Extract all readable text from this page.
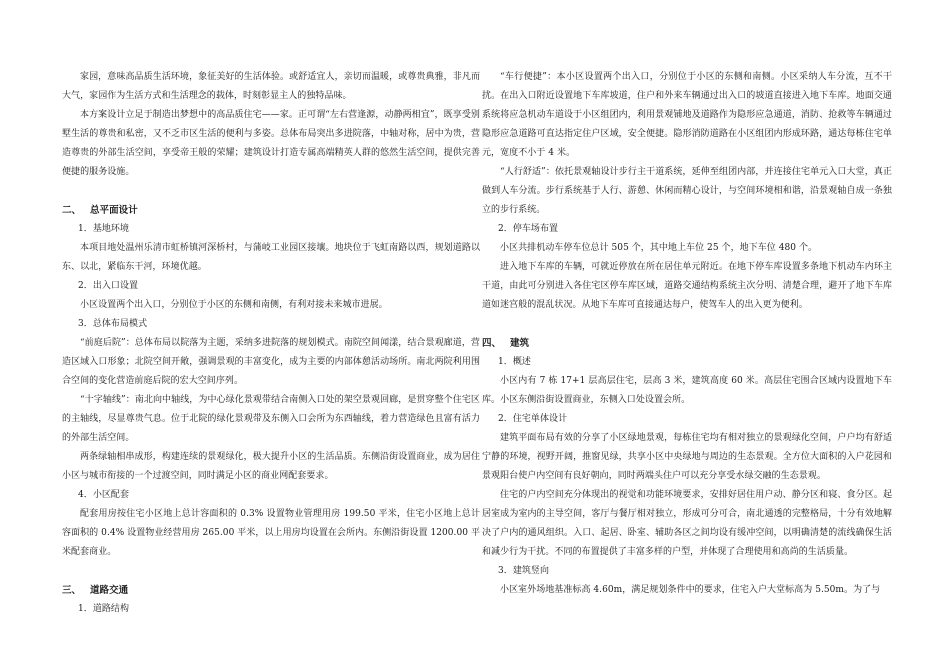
家园，意味高品质生活环境，象征美好的生活体验。或舒适宜人，亲切而温暖，或尊贵典雅，非凡而大气，家园作为生活方式和生活理念的载体，时刻彰显主人的独特品味。

本方案设计立足于制造出梦想中的高品质住宅——家。正可谓“左右营逢源，动静两相宜”，既享受别墅生活的尊贵和私密，又不乏市区生活的便利与多姿。总体布局突出多进院落，中轴对称，居中为贵，营造尊贵的外部生活空间，享受帝王般的荣耀；建筑设计打造专属高端精英人群的悠然生活空间，提供完善便捷的服务设施。

二、 总平面设计

1．基地环境

本项目地处温州乐清市虹桥镇河深桥村，与蒲岐工业园区接壤。地块位于飞虹南路以西，规划道路以东、以北，紧临东干河，环境优越。

2．出入口设置

小区设置两个出入口，分别位于小区的东侧和南侧，有利对接未来城市进展。

3．总体布局模式

“前庭后院”：总体布局以院落为主题，采纳多进院落的规划模式。南院空间闻漾，结合景观廊道，营造区域入口形象；北院空间开敞，强调景观的丰富变化，成为主要的内部体憩活动场所。南北两院利用围合空间的变化营造前庭后院的宏大空间序列。

“十字轴线”：南北向中轴线，为中心绿化景观带结合南侧入口处的架空景观回廊，是贯穿整个住宅区的主轴线，尽显尊贵气息。位于北院的绿化景观带及东侧入口会所为东西轴线，着力营造绿色且富有活力的外部生活空间。

两条绿轴相串成形，构建连续的景观绿化，极大提升小区的生活品质。东侧沿街设置商业，成为居住小区与城市衔接的一个过渡空间，同时满足小区的商业网配套要求。

4．小区配套

配套用房按住宅小区地上总计容面积的 0.3% 设置物业管理用房 199.50 平米，住宅小区地上总计容面积的 0.4% 设置物业经营用房 265.00 平米，以上用房均设置在会所内。东侧沿街设置 1200.00 平米配套商业。

三、 道路交通

1．道路结构

“车行便捷”：本小区设置两个出入口，分别位于小区的东侧和南侧。小区采纳人车分流，互不干扰。在出入口附近设置地下车库坡道，住户和外来车辆通过出入口的坡道直接进入地下车库。地面交通系统将应急机动车道设于小区组团内，利用景观铺地及道路作为隐形应急通道，消防、抢救等车辆通过隐形应急道路可直达指定住户区域，安全便捷。隐形消防道路在小区组团内形成环路，通达每栋住宅单元，宽度不小于 4 米。

“人行舒适”：依托景观轴设计步行主干道系统，延伸至组团内部，并连接住宅单元入口大堂，真正做到人车分流。步行系统基于人行、游憩、休闲而精心设计，与空间环境相和谐，沿景观轴自成一条独立的步行系统。

2．停车场布置

小区共排机动车停车位总计 505 个，其中地上车位 25 个，地下车位 480 个。

进入地下车库的车辆，可就近停放在所在居住单元附近。在地下停车库设置多条地下机动车内环主干道，由此可分别进入各住宅区停车库区域，道路交通结构系统主次分明、清楚合理，避开了地下车库道如迷宫般的混乱状况。从地下车库可直接通达每户，使驾车人的出入更为便利。

四、 建筑

1．概述

小区内有 7 栋 17+1 层高层住宅，层高 3 米，建筑高度 60 米。高层住宅围合区域内设置地下车库。小区东侧沿街设置商业，东侧入口处设置会所。

2．住宅单体设计

建筑平面布局有效的分享了小区绿地景观，每栋住宅均有相对独立的景观绿化空间，户户均有舒适宁静的环境，视野开阔，推窗见绿，共享小区中央绿地与周边的生态景观。全方位大面积的入户花园和景观阳台使户内空间有良好朝向，同时两端头住户可以充分享受水绿交融的生态景观。

住宅的户内空间充分体现出的视觉和功能环境要求，安排好居住用户动、静分区和寝、食分区。起居室成为室内的主导空间，客厅与餐厅相对独立，形成可分可合，南北通透的完整格局，十分有效地解决了户内的通风组织。入口、起居、卧室、辅助各区之间均设有缓冲空间，以明确清楚的流线确保生活和减少行为干扰。不同的布置提供了丰富多样的户型，并体现了合理使用和高尚的生活质量。

3．建筑竖向

小区室外场地基准标高 4.60m，满足规划条件中的要求，住宅入户大堂标高为 5.50m。为了与
